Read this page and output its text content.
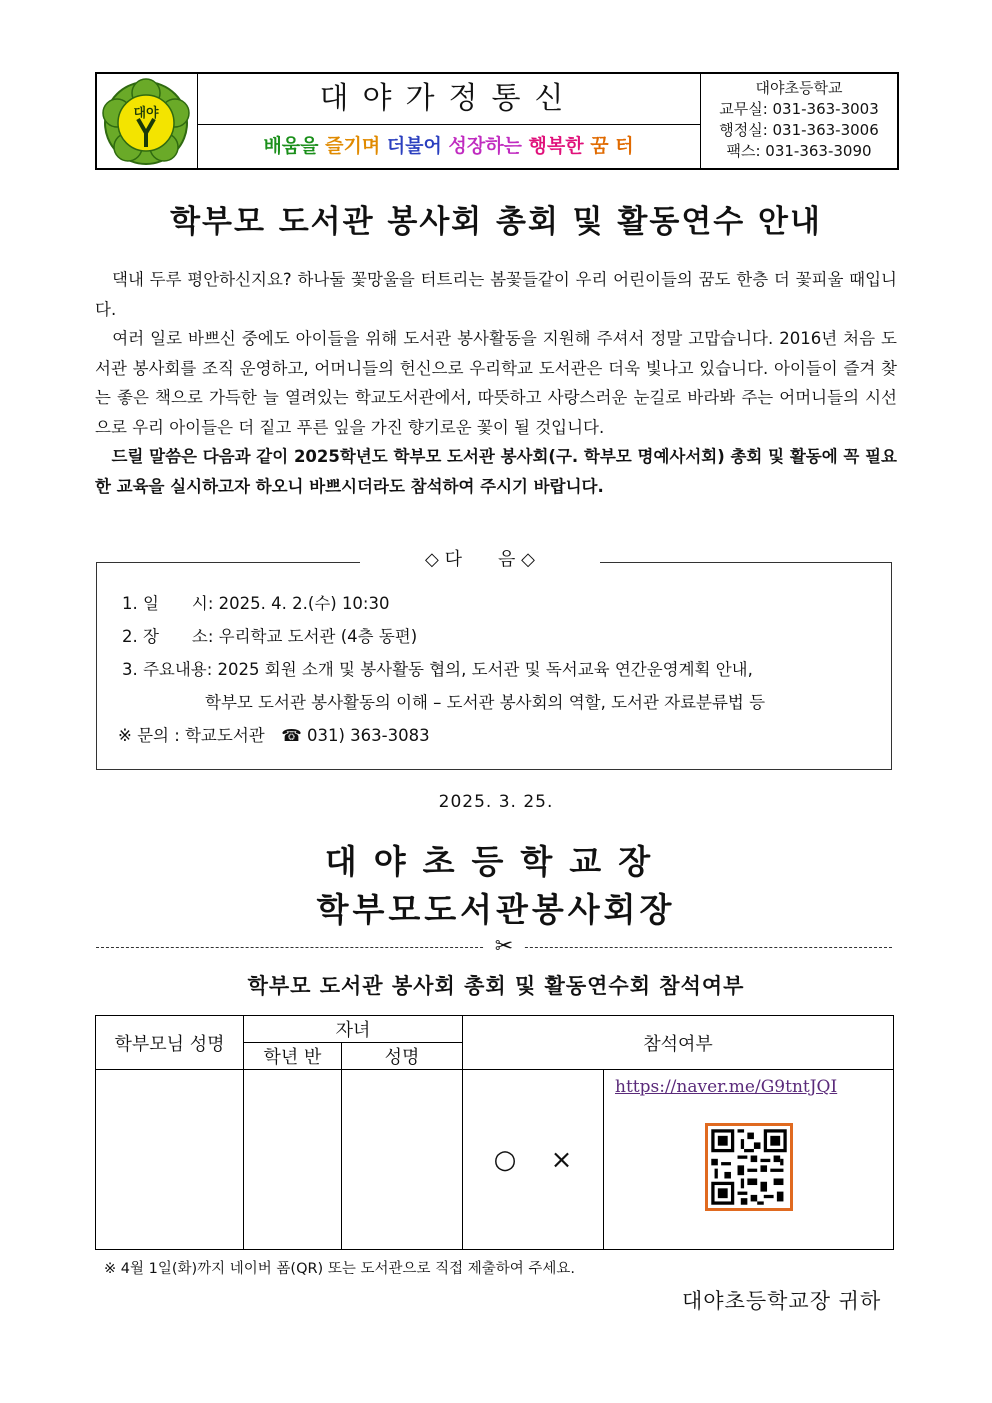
대야	대야가정통신
배움을 즐기며 더불어 성장하는 행복한 꿈 터
대야초등학교
교무실: 031-363-3003
행정실: 031-363-3006
팩스: 031-363-3090
학부모 도서관 봉사회 총회 및 활동연수 안내

　댁내 두루 평안하신지요? 하나둘 꽃망울을 터트리는 봄꽃들같이 우리 어린이들의 꿈도 한층 더 꽃피울 때입니다.

　여러 일로 바쁘신 중에도 아이들을 위해 도서관 봉사활동을 지원해 주셔서 정말 고맙습니다. 2016년 처음 도서관 봉사회를 조직 운영하고, 어머니들의 헌신으로 우리학교 도서관은 더욱 빛나고 있습니다. 아이들이 즐겨 찾는 좋은 책으로 가득한 늘 열려있는 학교도서관에서, 따뜻하고 사랑스러운 눈길로 바라봐 주는 어머니들의 시선으로 우리 아이들은 더 짙고 푸른 잎을 가진 향기로운 꽃이 될 것입니다.

　드릴 말씀은 다음과 같이 2025학년도 학부모 도서관 봉사회(구. 학부모 명예사서회) 총회 및 활동에 꼭 필요한 교육을 실시하고자 하오니 바쁘시더라도 참석하여 주시기 바랍니다.

◇ 다　　음 ◇
1. 일　　시: 2025. 4. 2.(수) 10:30
2. 장　　소: 우리학교 도서관 (4층 동편)
3. 주요내용: 2025 회원 소개 및 봉사활동 협의, 도서관 및 독서교육 연간운영계획 안내,
학부모 도서관 봉사활동의 이해 – 도서관 봉사회의 역할, 도서관 자료분류법 등
※ 문의 : 학교도서관　☎ 031) 363-3083
2025. 3. 25.
대야초등학교장
학부모도서관봉사회장
✂
학부모 도서관 봉사회 총회 및 활동연수회 참석여부
학부모님 성명	자녀		참석여부	
	학년 반	성명		
			○ ×	https://naver.me/G9tntJQI
※ 4월 1일(화)까지 네이버 폼(QR) 또는 도서관으로 직접 제출하여 주세요.
대야초등학교장 귀하
